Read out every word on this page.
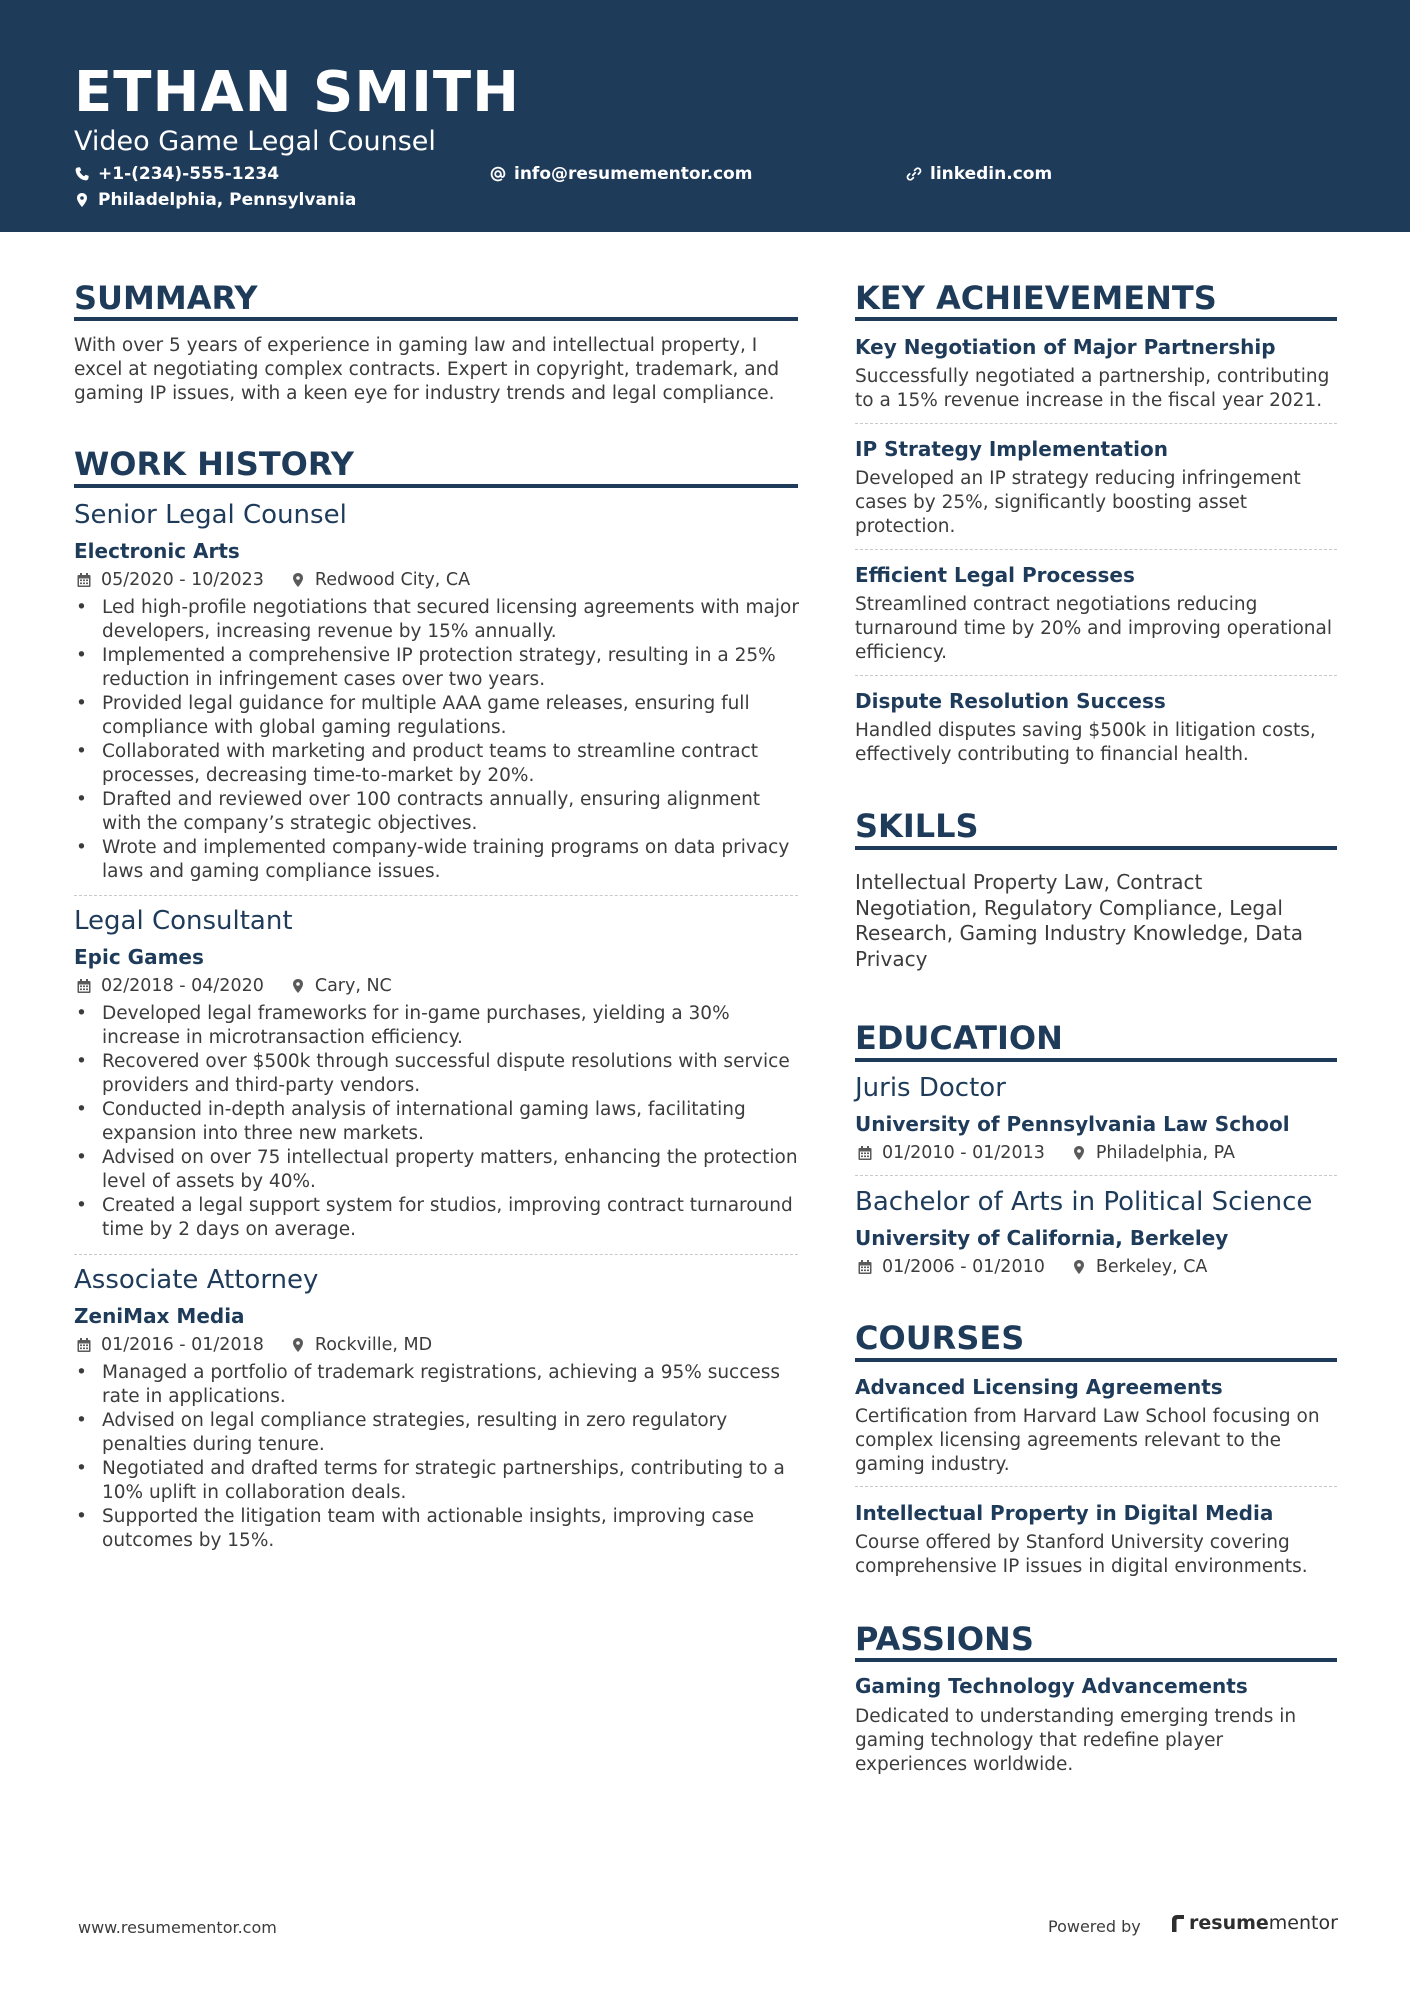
ETHAN SMITH
Video Game Legal Counsel
+1-(234)-555-1234	info@resumementor.com	linkedin.com
Philadelphia, Pennsylvania
SUMMARY
With over 5 years of experience in gaming law and intellectual property, I excel at negotiating complex contracts. Expert in copyright, trademark, and gaming IP issues, with a keen eye for industry trends and legal compliance.
WORK HISTORY
Senior Legal Counsel
Electronic Arts
05/2020 - 10/2023	Redwood City, CA
• Led high-profile negotiations that secured licensing agreements with major developers, increasing revenue by 15% annually.
• Implemented a comprehensive IP protection strategy, resulting in a 25% reduction in infringement cases over two years.
• Provided legal guidance for multiple AAA game releases, ensuring full compliance with global gaming regulations.
• Collaborated with marketing and product teams to streamline contract processes, decreasing time-to-market by 20%.
• Drafted and reviewed over 100 contracts annually, ensuring alignment with the company’s strategic objectives.
• Wrote and implemented company-wide training programs on data privacy laws and gaming compliance issues.
Legal Consultant
Epic Games
02/2018 - 04/2020	Cary, NC
• Developed legal frameworks for in-game purchases, yielding a 30% increase in microtransaction efficiency.
• Recovered over $500k through successful dispute resolutions with service providers and third-party vendors.
• Conducted in-depth analysis of international gaming laws, facilitating expansion into three new markets.
• Advised on over 75 intellectual property matters, enhancing the protection level of assets by 40%.
• Created a legal support system for studios, improving contract turnaround time by 2 days on average.
Associate Attorney
ZeniMax Media
01/2016 - 01/2018	Rockville, MD
• Managed a portfolio of trademark registrations, achieving a 95% success rate in applications.
• Advised on legal compliance strategies, resulting in zero regulatory penalties during tenure.
• Negotiated and drafted terms for strategic partnerships, contributing to a 10% uplift in collaboration deals.
• Supported the litigation team with actionable insights, improving case outcomes by 15%.
KEY ACHIEVEMENTS
Key Negotiation of Major Partnership
Successfully negotiated a partnership, contributing to a 15% revenue increase in the fiscal year 2021.
IP Strategy Implementation
Developed an IP strategy reducing infringement cases by 25%, significantly boosting asset protection.
Efficient Legal Processes
Streamlined contract negotiations reducing turnaround time by 20% and improving operational efficiency.
Dispute Resolution Success
Handled disputes saving $500k in litigation costs, effectively contributing to financial health.
SKILLS
Intellectual Property Law, Contract Negotiation, Regulatory Compliance, Legal Research, Gaming Industry Knowledge, Data Privacy
EDUCATION
Juris Doctor
University of Pennsylvania Law School
01/2010 - 01/2013	Philadelphia, PA
Bachelor of Arts in Political Science
University of California, Berkeley
01/2006 - 01/2010	Berkeley, CA
COURSES
Advanced Licensing Agreements
Certification from Harvard Law School focusing on complex licensing agreements relevant to the gaming industry.
Intellectual Property in Digital Media
Course offered by Stanford University covering comprehensive IP issues in digital environments.
PASSIONS
Gaming Technology Advancements
Dedicated to understanding emerging trends in gaming technology that redefine player experiences worldwide.
www.resumementor.com	Powered by	resume mentor
